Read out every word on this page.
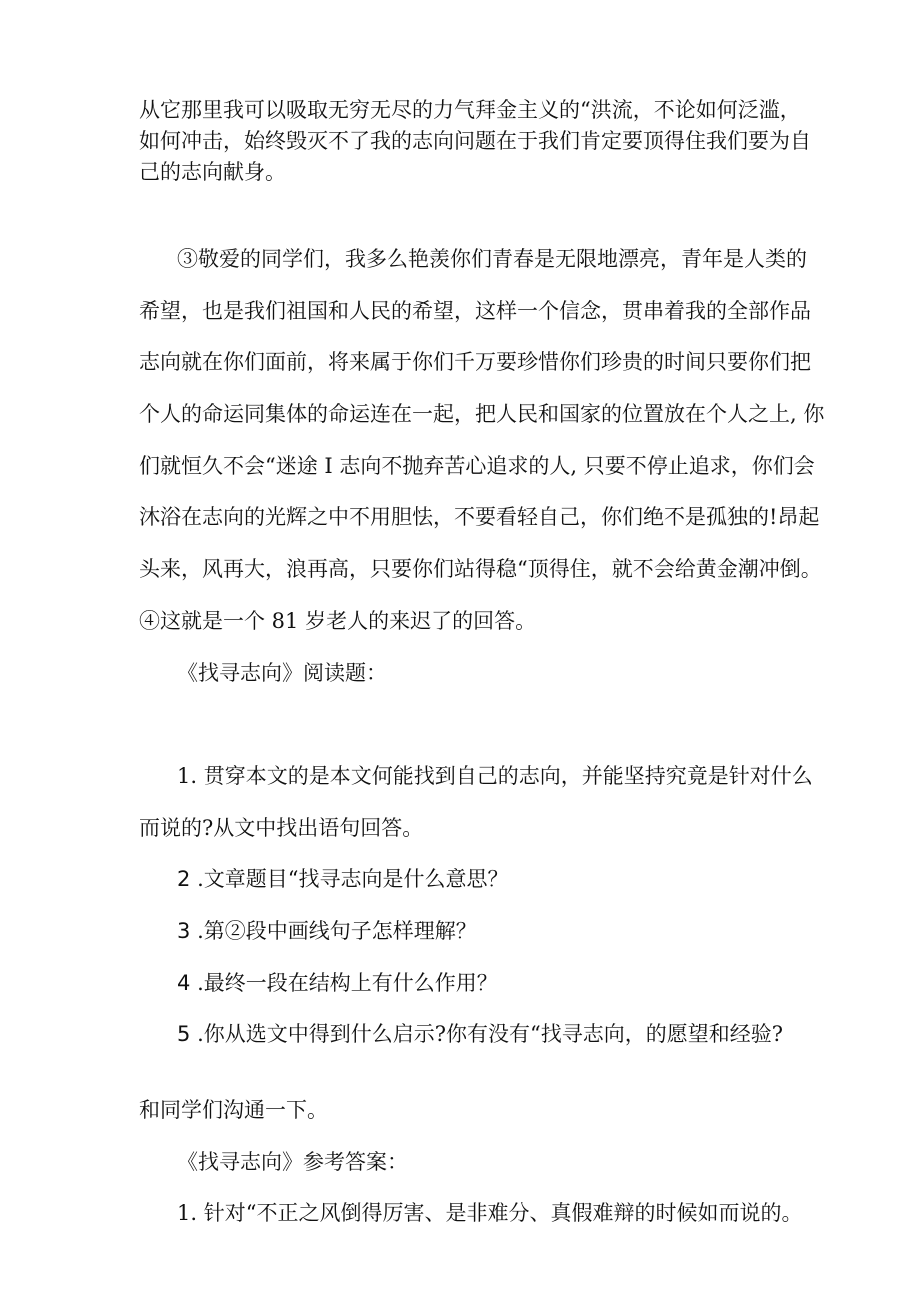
从它那里我可以吸取无穷无尽的力气拜金主义的“洪流，不论如何泛滥，

如何冲击，始终毁灭不了我的志向问题在于我们肯定要顶得住我们要为自

己的志向献身。

③敬爱的同学们，我多么艳羡你们青春是无限地漂亮，青年是人类的

希望，也是我们祖国和人民的希望，这样一个信念，贯串着我的全部作品

志向就在你们面前，将来属于你们千万要珍惜你们珍贵的时间只要你们把

个人的命运同集体的命运连在一起，把人民和国家的位置放在个人之上, 你

们就恒久不会“迷途 I 志向不抛弃苦心追求的人, 只要不停止追求，你们会

沐浴在志向的光辉之中不用胆怯，不要看轻自己，你们绝不是孤独的!昂起

头来，风再大，浪再高，只要你们站得稳“顶得住，就不会给黄金潮冲倒。

④这就是一个 81 岁老人的来迟了的回答。

《找寻志向》阅读题：

1. 贯穿本文的是本文何能找到自己的志向，并能坚持究竟是针对什么

而说的?从文中找出语句回答。

2 .文章题目“找寻志向是什么意思？

3 .第②段中画线句子怎样理解？

4 .最终一段在结构上有什么作用？

5 .你从选文中得到什么启示?你有没有“找寻志向，的愿望和经验?

和同学们沟通一下。

《找寻志向》参考答案：

1. 针对“不正之风倒得厉害、是非难分、真假难辩的时候如而说的。
